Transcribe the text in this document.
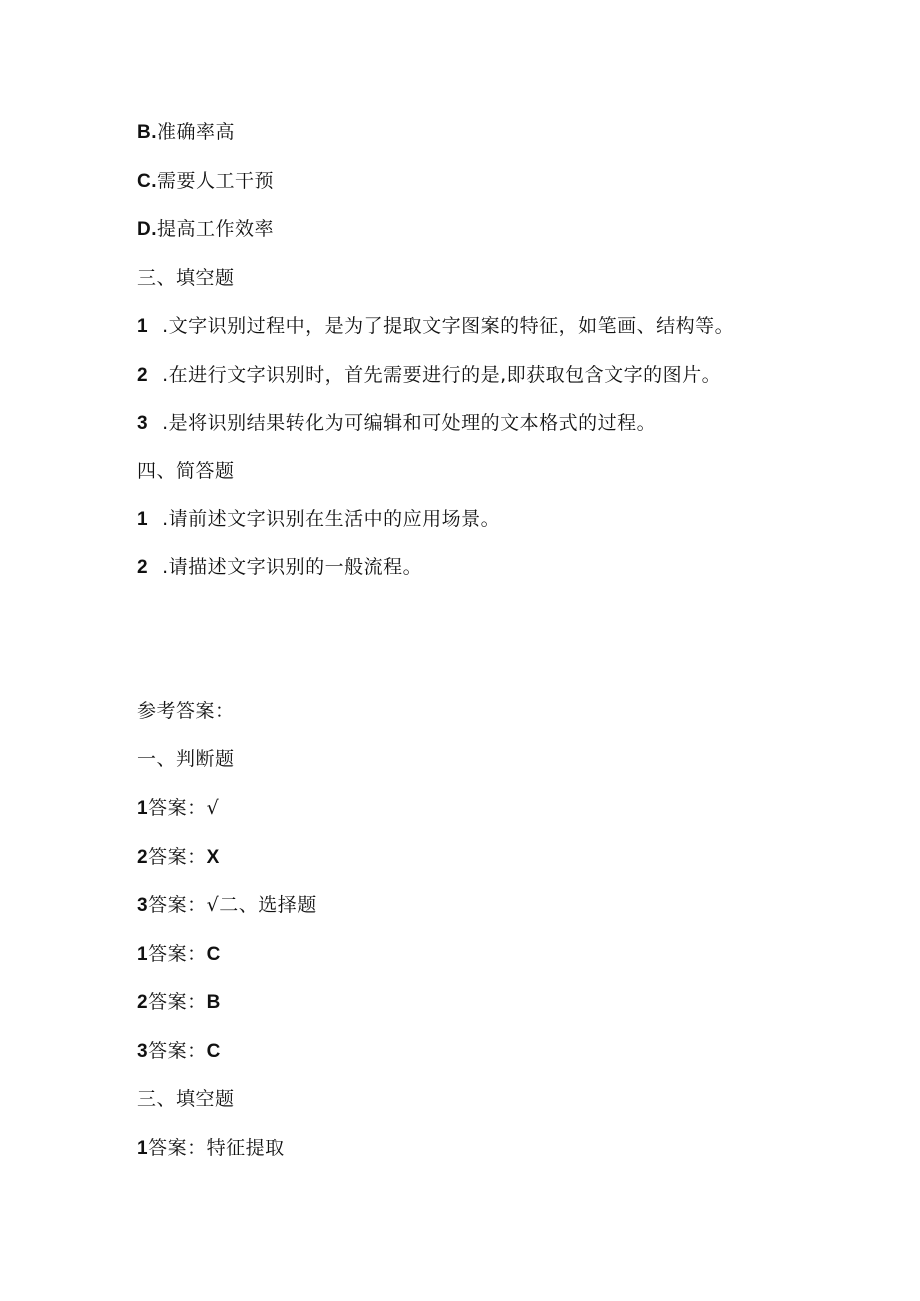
B.准确率高
C.需要人工干预
D.提高工作效率
三、填空题
1 .文字识别过程中，是为了提取文字图案的特征，如笔画、结构等。
2 .在进行文字识别时，首先需要进行的是,即获取包含文字的图片。
3 .是将识别结果转化为可编辑和可处理的文本格式的过程。
四、简答题
1 .请前述文字识别在生活中的应用场景。
2 .请描述文字识别的一般流程。
参考答案：
一、判断题
1答案：√
2答案：X
3答案：√二、选择题
1答案：C
2答案：B
3答案：C
三、填空题
1答案：特征提取
